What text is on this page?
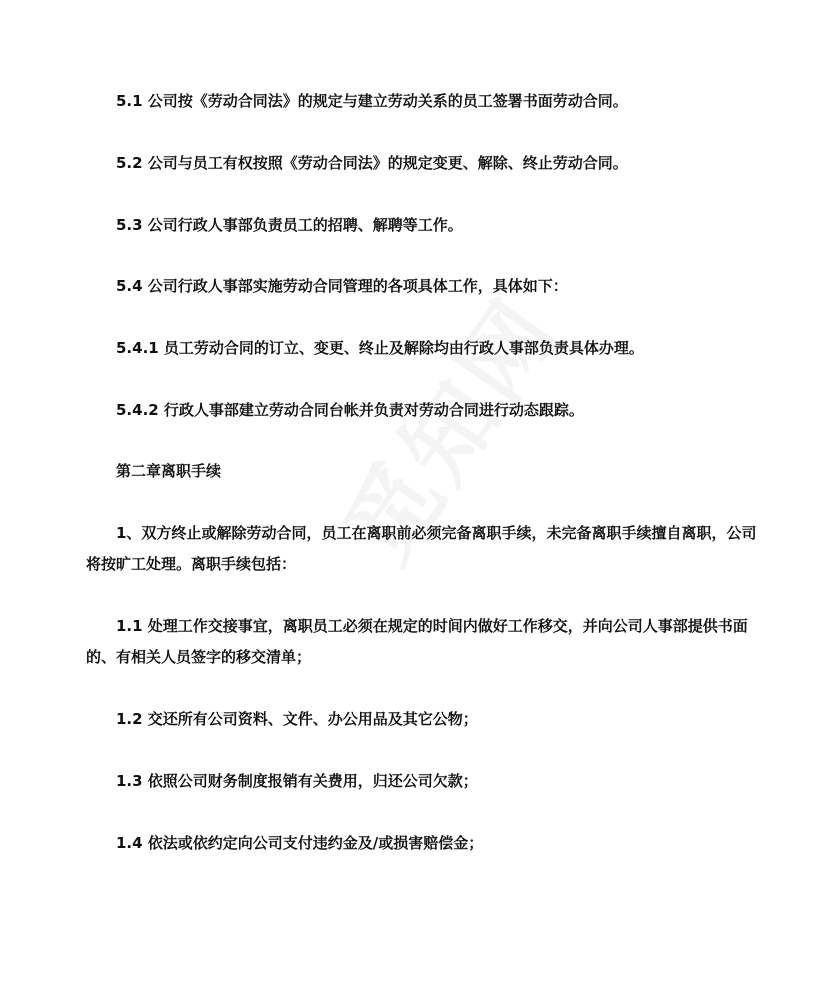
5.1 公司按《劳动合同法》的规定与建立劳动关系的员工签署书面劳动合同。

5.2 公司与员工有权按照《劳动合同法》的规定变更、解除、终止劳动合同。

5.3 公司行政人事部负责员工的招聘、解聘等工作。

5.4 公司行政人事部实施劳动合同管理的各项具体工作，具体如下：

5.4.1 员工劳动合同的订立、变更、终止及解除均由行政人事部负责具体办理。

5.4.2 行政人事部建立劳动合同台帐并负责对劳动合同进行动态跟踪。

第二章离职手续

1、双方终止或解除劳动合同，员工在离职前必须完备离职手续，未完备离职手续擅自离职，公司将按旷工处理。离职手续包括：

1.1 处理工作交接事宜，离职员工必须在规定的时间内做好工作移交，并向公司人事部提供书面的、有相关人员签字的移交清单；

1.2 交还所有公司资料、文件、办公用品及其它公物；

1.3 依照公司财务制度报销有关费用，归还公司欠款；

1.4 依法或依约定向公司支付违约金及/或损害赔偿金；
